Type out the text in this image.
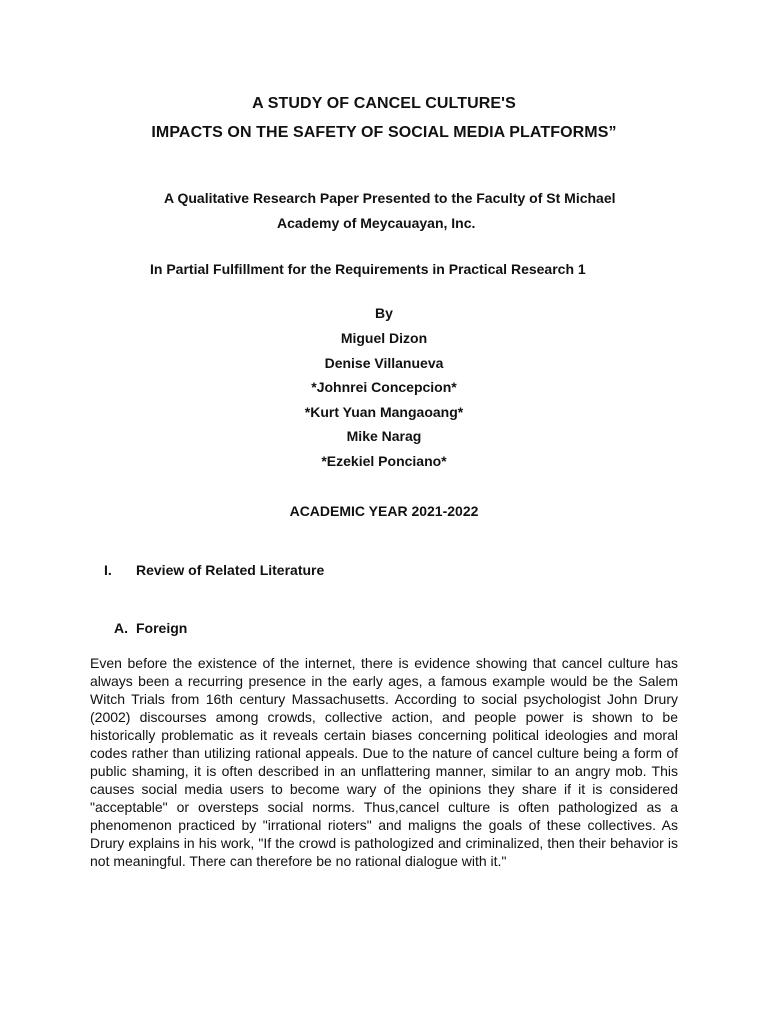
A STUDY OF CANCEL CULTURE'S
IMPACTS ON THE SAFETY OF SOCIAL MEDIA PLATFORMS”
A Qualitative Research Paper Presented to the Faculty of St Michael
Academy of Meycauayan, Inc.
In Partial Fulfillment for the Requirements in Practical Research 1
By
Miguel Dizon
Denise Villanueva
*Johnrei Concepcion*
*Kurt Yuan Mangaoang*
Mike Narag
*Ezekiel Ponciano*
ACADEMIC YEAR 2021-2022
I. Review of Related Literature
A. Foreign
Even before the existence of the internet, there is evidence showing that cancel culture has always been a recurring presence in the early ages, a famous example would be the Salem Witch Trials from 16th century Massachusetts. According to social psychologist John Drury (2002) discourses among crowds, collective action, and people power is shown to be historically problematic as it reveals certain biases concerning political ideologies and moral codes rather than utilizing rational appeals. Due to the nature of cancel culture being a form of public shaming, it is often described in an unflattering manner, similar to an angry mob. This causes social media users to become wary of the opinions they share if it is considered "acceptable" or oversteps social norms. Thus,cancel culture is often pathologized as a phenomenon practiced by "irrational rioters" and maligns the goals of these collectives. As Drury explains in his work, "If the crowd is pathologized and criminalized, then their behavior is not meaningful. There can therefore be no rational dialogue with it."
